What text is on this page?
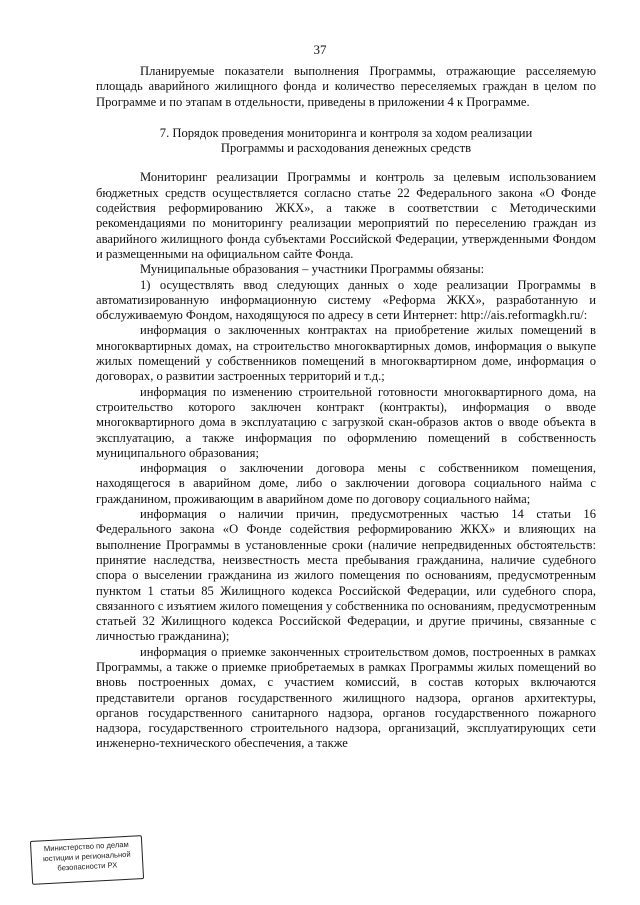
37

Планируемые показатели выполнения Программы, отражающие расселяемую площадь аварийного жилищного фонда и количество переселяемых граждан в целом по Программе и по этапам в отдельности, приведены в приложении 4 к Программе.

7. Порядок проведения мониторинга и контроля за ходом реализации
Программы и расходования денежных средств

Мониторинг реализации Программы и контроль за целевым использованием бюджетных средств осуществляется согласно статье 22 Федерального закона «О Фонде содействия реформированию ЖКХ», а также в соответствии с Методическими рекомендациями по мониторингу реализации мероприятий по переселению граждан из аварийного жилищного фонда субъектами Российской Федерации, утвержденными Фондом и размещенными на официальном сайте Фонда.

Муниципальные образования – участники Программы обязаны:

1) осуществлять ввод следующих данных о ходе реализации Программы в автоматизированную информационную систему «Реформа ЖКХ», разработанную и обслуживаемую Фондом, находящуюся по адресу в сети Интернет: http://ais.reformagkh.ru/:

информация о заключенных контрактах на приобретение жилых помещений в многоквартирных домах, на строительство многоквартирных домов, информация о выкупе жилых помещений у собственников помещений в многоквартирном доме, информация о договорах, о развитии застроенных территорий и т.д.;

информация по изменению строительной готовности многоквартирного дома, на строительство которого заключен контракт (контракты), информация о вводе многоквартирного дома в эксплуатацию с загрузкой скан-образов актов о вводе объекта в эксплуатацию, а также информация по оформлению помещений в собственность муниципального образования;

информация о заключении договора мены с собственником помещения, находящегося в аварийном доме, либо о заключении договора социального найма с гражданином, проживающим в аварийном доме по договору социального найма;

информация о наличии причин, предусмотренных частью 14 статьи 16 Федерального закона «О Фонде содействия реформированию ЖКХ» и влияющих на выполнение Программы в установленные сроки (наличие непредвиденных обстоятельств: принятие наследства, неизвестность места пребывания гражданина, наличие судебного спора о выселении гражданина из жилого помещения по основаниям, предусмотренным пунктом 1 статьи 85 Жилищного кодекса Российской Федерации, или судебного спора, связанного с изъятием жилого помещения у собственника по основаниям, предусмотренным статьей 32 Жилищного кодекса Российской Федерации, и другие причины, связанные с личностью гражданина);

информация о приемке законченных строительством домов, построенных в рамках Программы, а также о приемке приобретаемых в рамках Программы жилых помещений во вновь построенных домах, с участием комиссий, в состав которых включаются представители органов государственного жилищного надзора, органов архитектуры, органов государственного санитарного надзора, органов государственного пожарного надзора, государственного строительного надзора, организаций, эксплуатирующих сети инженерно-технического обеспечения, а также

Министерство по делам
юстиции и региональной
безопасности РХ
